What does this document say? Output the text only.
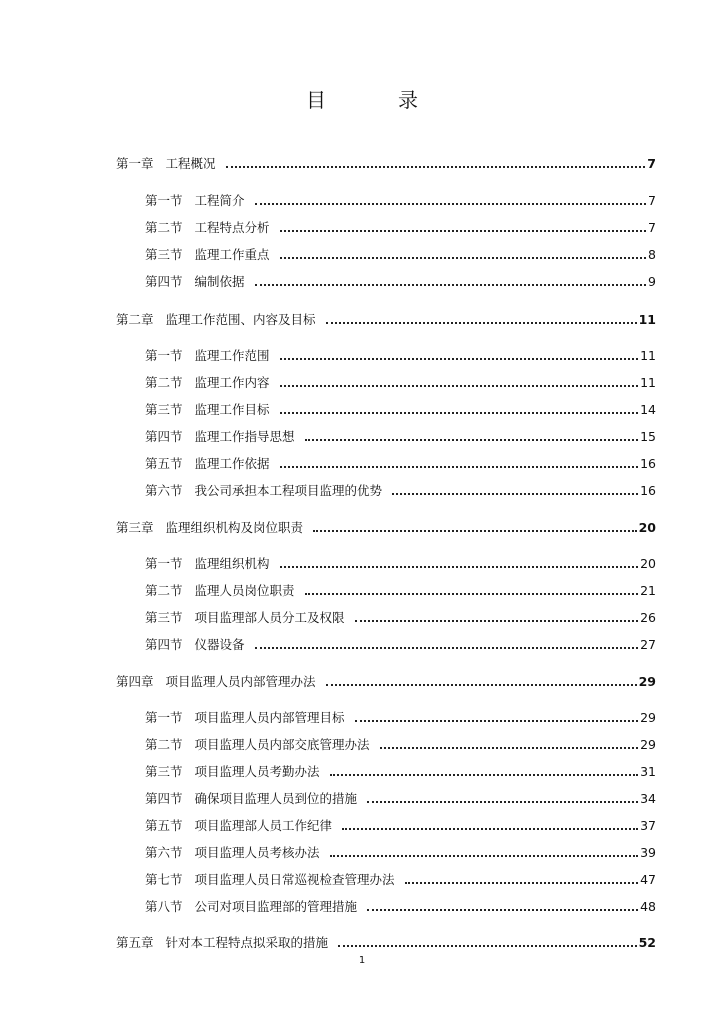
目　录
第一章 工程概况	7
第一节 工程简介	7
第二节 工程特点分析	7
第三节 监理工作重点	8
第四节 编制依据	9
第二章 监理工作范围、内容及目标	11
第一节 监理工作范围	11
第二节 监理工作内容	11
第三节 监理工作目标	14
第四节 监理工作指导思想	15
第五节 监理工作依据	16
第六节 我公司承担本工程项目监理的优势	16
第三章 监理组织机构及岗位职责	20
第一节 监理组织机构	20
第二节 监理人员岗位职责	21
第三节 项目监理部人员分工及权限	26
第四节 仪器设备	27
第四章 项目监理人员内部管理办法	29
第一节 项目监理人员内部管理目标	29
第二节 项目监理人员内部交底管理办法	29
第三节 项目监理人员考勤办法	31
第四节 确保项目监理人员到位的措施	34
第五节 项目监理部人员工作纪律	37
第六节 项目监理人员考核办法	39
第七节 项目监理人员日常巡视检查管理办法	47
第八节 公司对项目监理部的管理措施	48
第五章 针对本工程特点拟采取的措施	52
1
